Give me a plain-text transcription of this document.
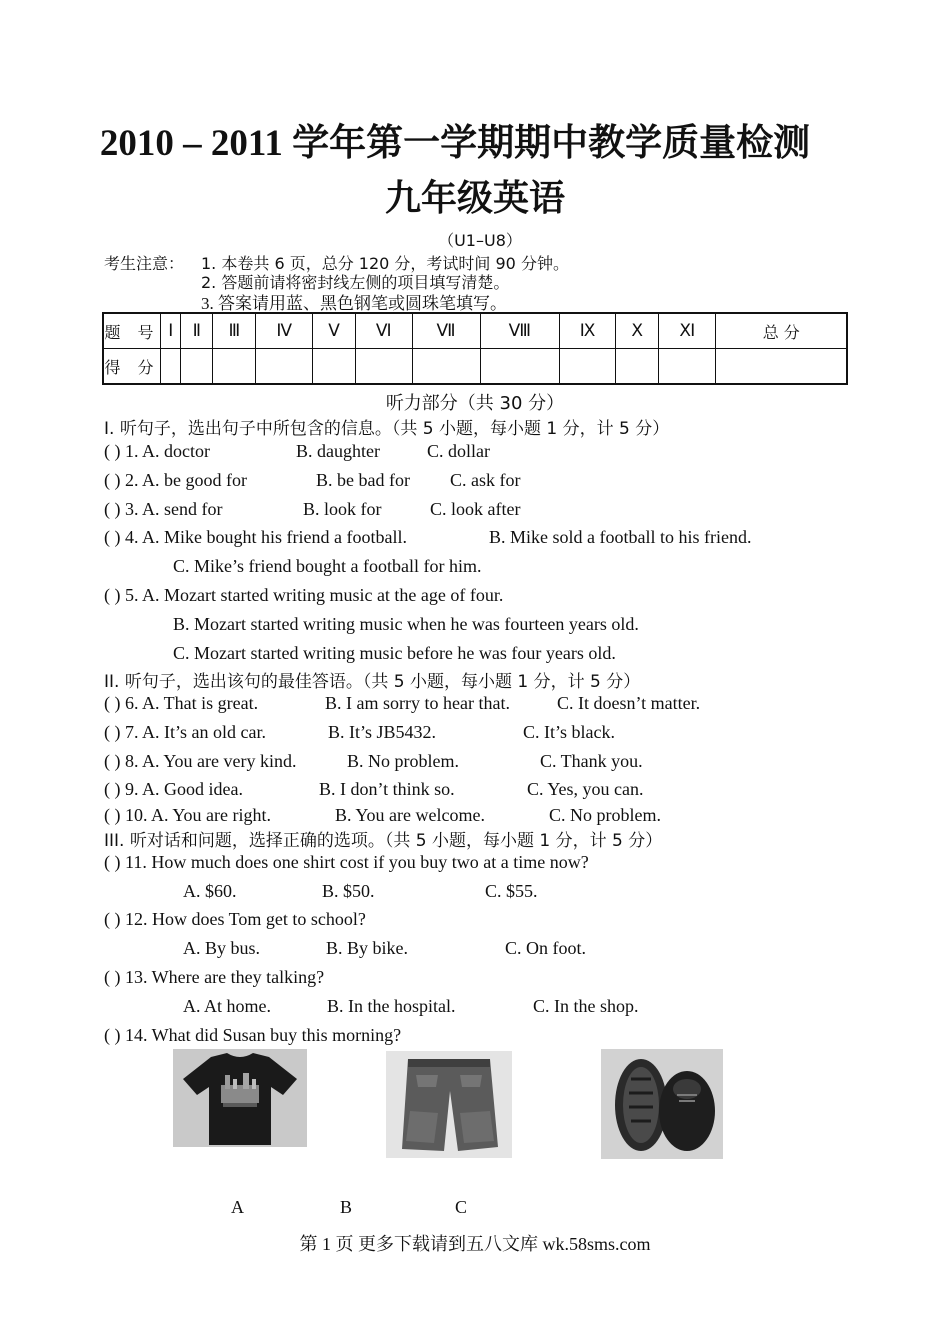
2010 – 2011 学年第一学期期中教学质量检测
九年级英语
（U1–U8）
考生注意： 1. 本卷共 6 页，总分 120 分，考试时间 90 分钟。
2. 答题前请将密封线左侧的项目填写清楚。
3. 答案请用蓝、黑色钢笔或圆珠笔填写。
题 号	Ⅰ	Ⅱ	Ⅲ	Ⅳ	Ⅴ	Ⅵ	Ⅶ	Ⅷ	Ⅸ	Ⅹ	Ⅺ	总 分
得 分												
听力部分（共 30 分）
I. 听句子，选出句子中所包含的信息。（共 5 小题，每小题 1 分，计 5 分）
( ) 1. A. doctor	B. daughter	C. dollar
( ) 2. A. be good for	B. be bad for C. ask for
( ) 3. A. send for	B. look for	C. look after
( ) 4. A. Mike bought his friend a football.	B. Mike sold a football to his friend.
C. Mike’s friend bought a football for him.
( ) 5. A. Mozart started writing music at the age of four.
B. Mozart started writing music when he was fourteen years old.
C. Mozart started writing music before he was four years old.
II. 听句子，选出该句的最佳答语。（共 5 小题，每小题 1 分，计 5 分）
( ) 6. A. That is great.	B. I am sorry to hear that.	C. It doesn’t matter.
( ) 7. A. It’s an old car.	B. It’s JB5432.	C. It’s black.
( ) 8. A. You are very kind.	B. No problem.	C. Thank you.
( ) 9. A. Good idea.	B. I don’t think so.	C. Yes, you can.
( ) 10. A. You are right.	B. You are welcome.	C. No problem.
III. 听对话和问题，选择正确的选项。（共 5 小题，每小题 1 分，计 5 分）
( ) 11. How much does one shirt cost if you buy two at a time now?
A. $60.	B. $50.	C. $55.
( ) 12. How does Tom get to school?
A. By bus.	B. By bike.	C. On foot.
( ) 13. Where are they talking?
A. At home.	B. In the hospital.	C. In the shop.
( ) 14. What did Susan buy this morning?
A	B	C
第 1 页 更多下载请到五八文库 wk.58sms.com
